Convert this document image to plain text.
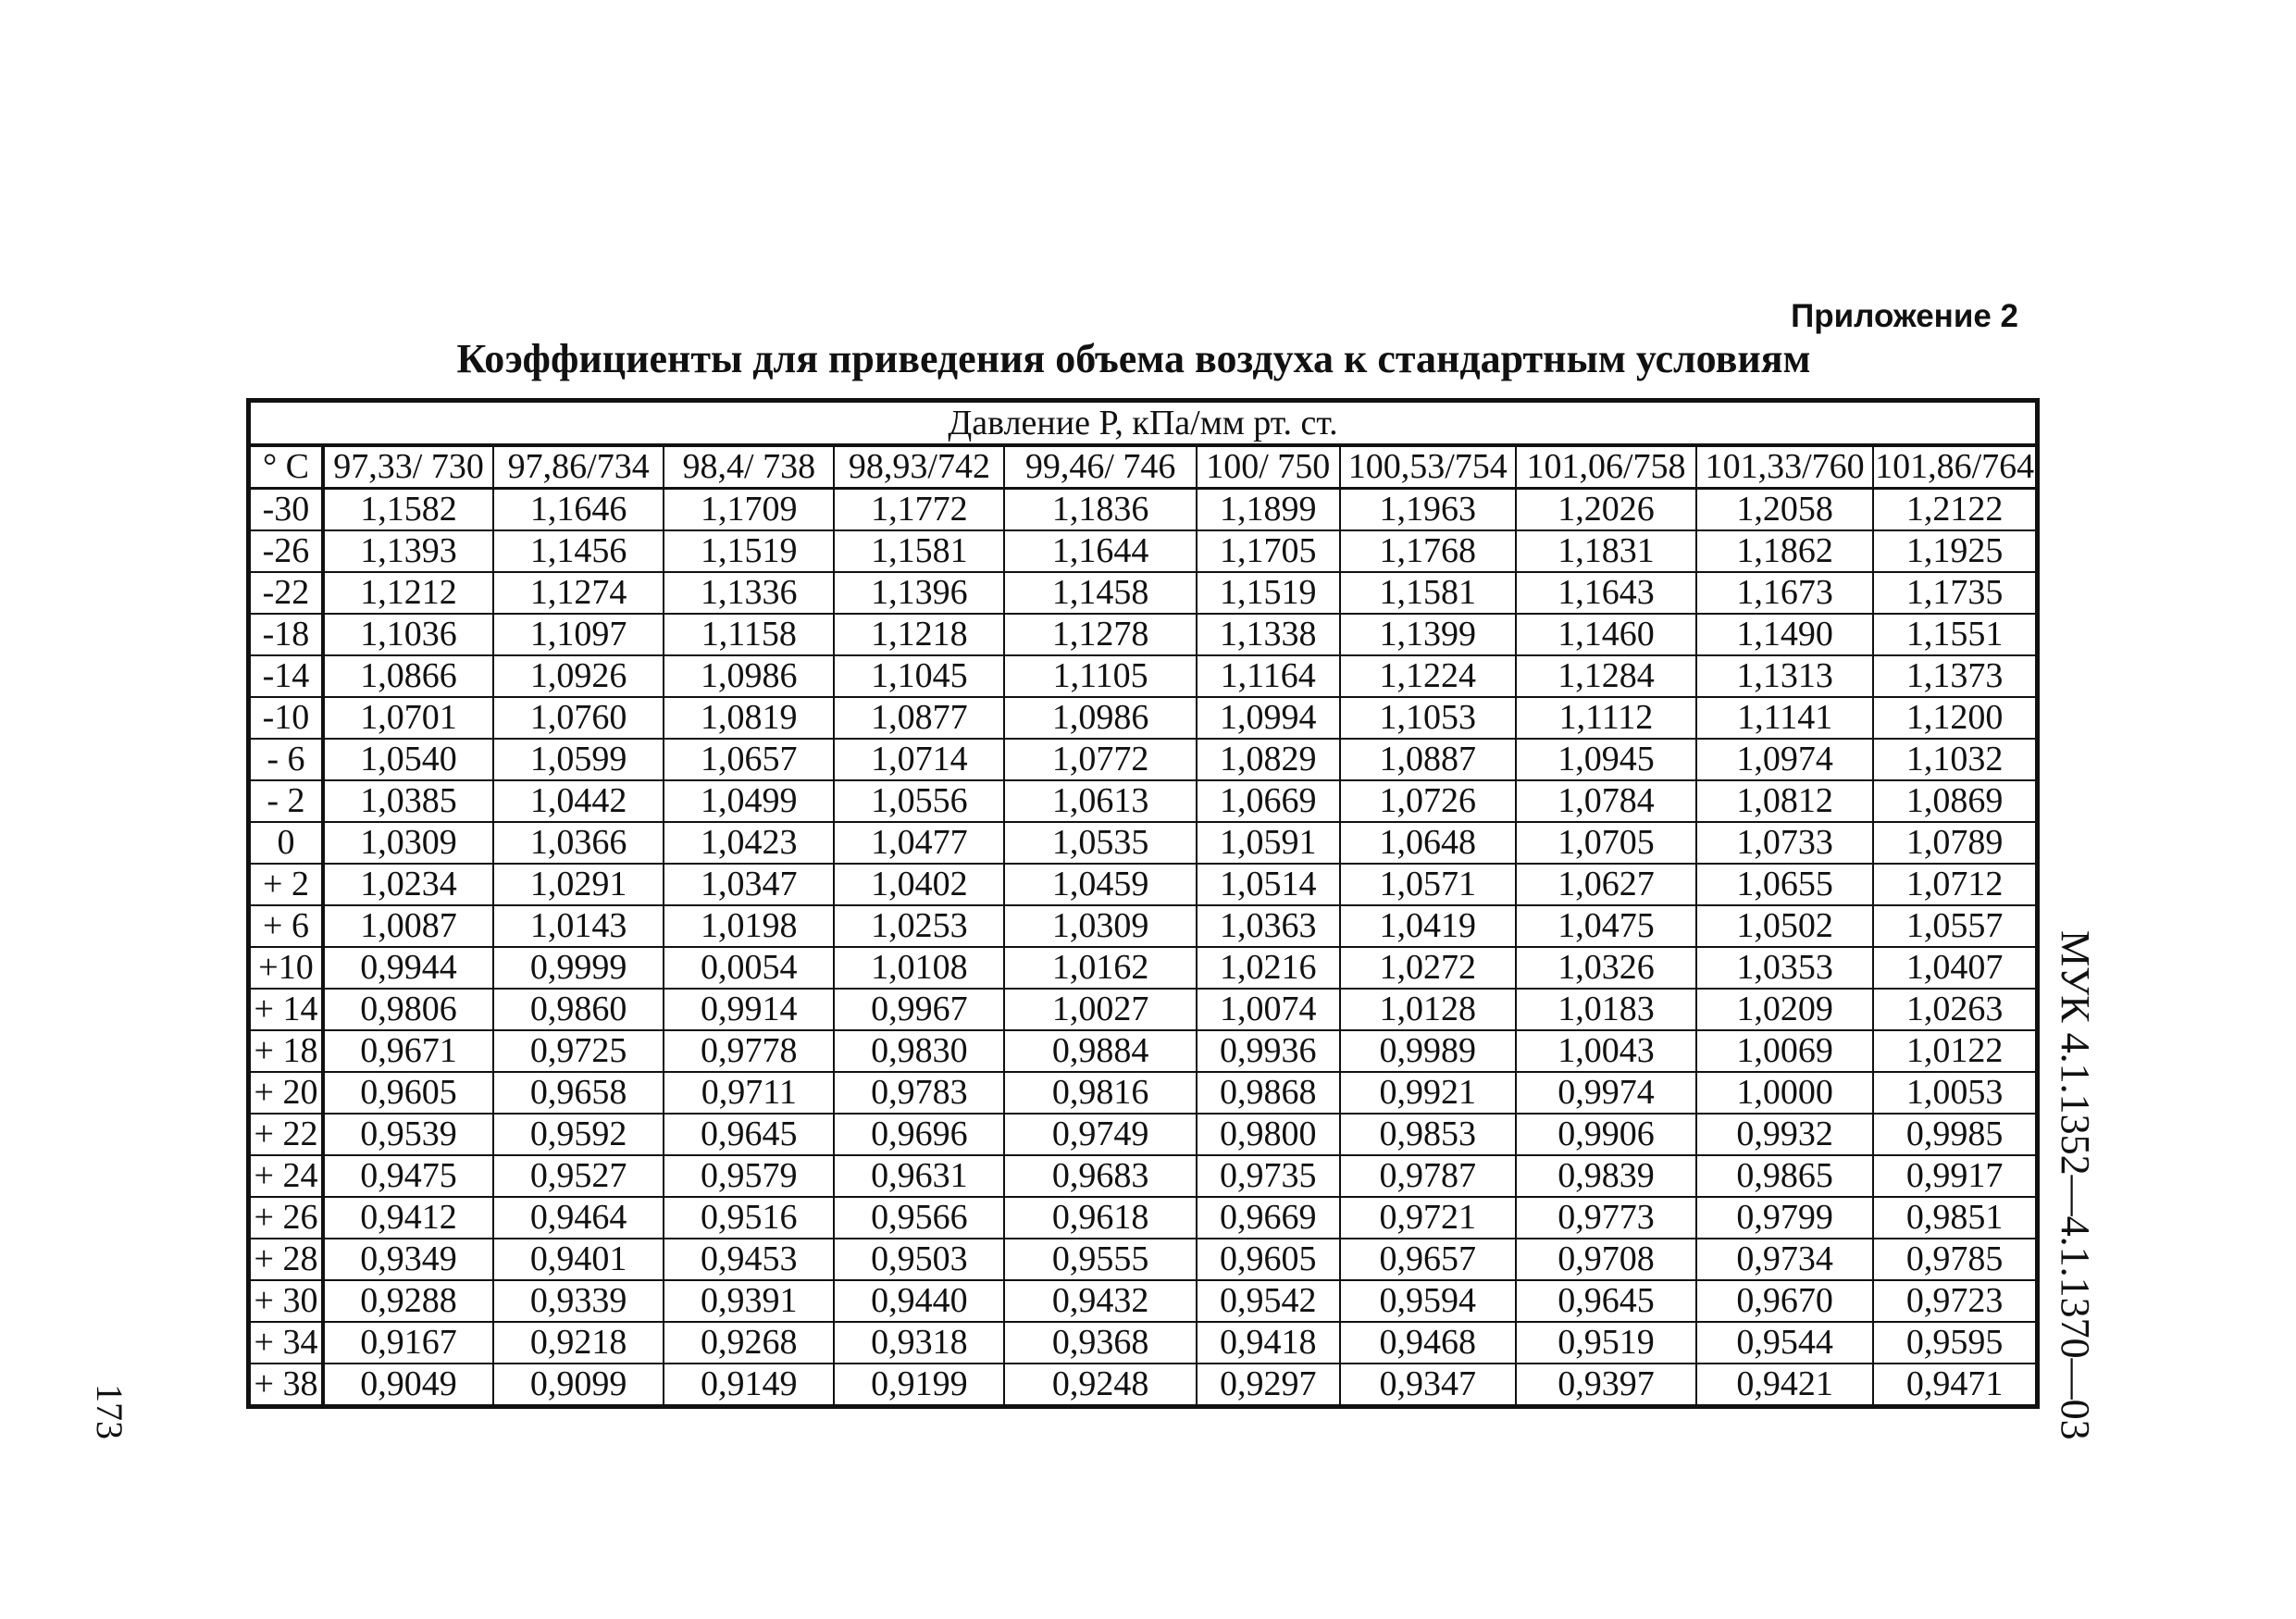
Приложение 2
Коэффициенты для приведения объема воздуха к стандартным условиям
Давление P, кПа/мм рт. ст.										
° C	97,33/ 730	97,86/734	98,4/ 738	98,93/742	99,46/ 746	100/ 750	100,53/754	101,06/758	101,33/760	101,86/764
-30	1,1582	1,1646	1,1709	1,1772	1,1836	1,1899	1,1963	1,2026	1,2058	1,2122
-26	1,1393	1,1456	1,1519	1,1581	1,1644	1,1705	1,1768	1,1831	1,1862	1,1925
-22	1,1212	1,1274	1,1336	1,1396	1,1458	1,1519	1,1581	1,1643	1,1673	1,1735
-18	1,1036	1,1097	1,1158	1,1218	1,1278	1,1338	1,1399	1,1460	1,1490	1,1551
-14	1,0866	1,0926	1,0986	1,1045	1,1105	1,1164	1,1224	1,1284	1,1313	1,1373
-10	1,0701	1,0760	1,0819	1,0877	1,0986	1,0994	1,1053	1,1112	1,1141	1,1200
- 6	1,0540	1,0599	1,0657	1,0714	1,0772	1,0829	1,0887	1,0945	1,0974	1,1032
- 2	1,0385	1,0442	1,0499	1,0556	1,0613	1,0669	1,0726	1,0784	1,0812	1,0869
0	1,0309	1,0366	1,0423	1,0477	1,0535	1,0591	1,0648	1,0705	1,0733	1,0789
+ 2	1,0234	1,0291	1,0347	1,0402	1,0459	1,0514	1,0571	1,0627	1,0655	1,0712
+ 6	1,0087	1,0143	1,0198	1,0253	1,0309	1,0363	1,0419	1,0475	1,0502	1,0557
+10	0,9944	0,9999	0,0054	1,0108	1,0162	1,0216	1,0272	1,0326	1,0353	1,0407
+ 14	0,9806	0,9860	0,9914	0,9967	1,0027	1,0074	1,0128	1,0183	1,0209	1,0263
+ 18	0,9671	0,9725	0,9778	0,9830	0,9884	0,9936	0,9989	1,0043	1,0069	1,0122
+ 20	0,9605	0,9658	0,9711	0,9783	0,9816	0,9868	0,9921	0,9974	1,0000	1,0053
+ 22	0,9539	0,9592	0,9645	0,9696	0,9749	0,9800	0,9853	0,9906	0,9932	0,9985
+ 24	0,9475	0,9527	0,9579	0,9631	0,9683	0,9735	0,9787	0,9839	0,9865	0,9917
+ 26	0,9412	0,9464	0,9516	0,9566	0,9618	0,9669	0,9721	0,9773	0,9799	0,9851
+ 28	0,9349	0,9401	0,9453	0,9503	0,9555	0,9605	0,9657	0,9708	0,9734	0,9785
+ 30	0,9288	0,9339	0,9391	0,9440	0,9432	0,9542	0,9594	0,9645	0,9670	0,9723
+ 34	0,9167	0,9218	0,9268	0,9318	0,9368	0,9418	0,9468	0,9519	0,9544	0,9595
+ 38	0,9049	0,9099	0,9149	0,9199	0,9248	0,9297	0,9347	0,9397	0,9421	0,9471
173	МУК 4.1.1352—4.1.1370—03
